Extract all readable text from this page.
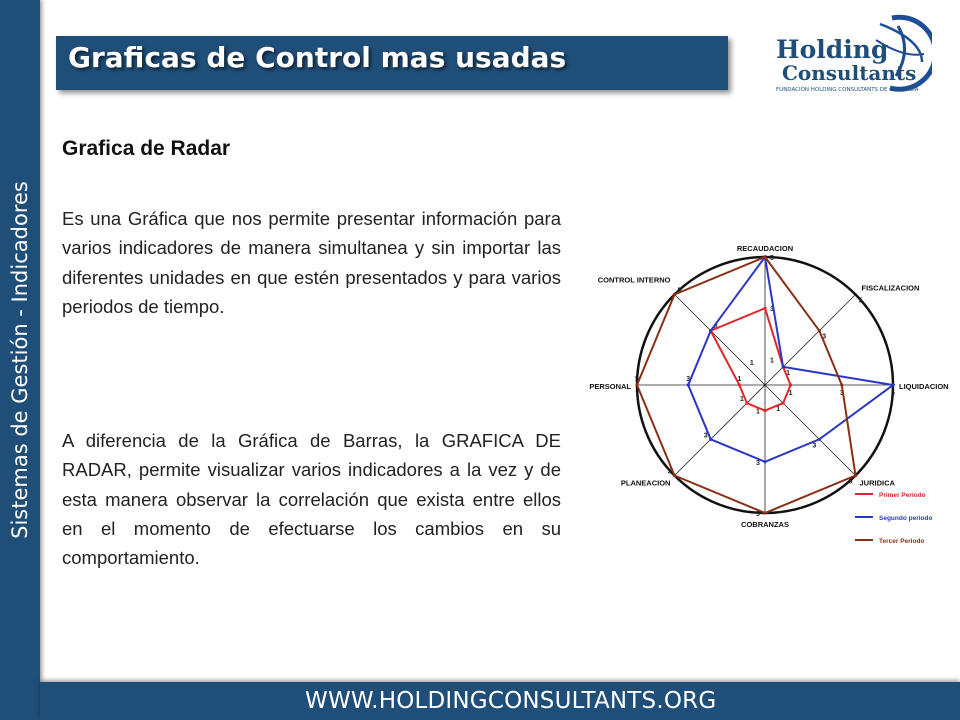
Sistemas de Gestión - Indicadores
Graficas de Control mas usadas	Holding
Consultants
FUNDACIÓN HOLDING CONSULTANTS DE COLOMBIA
Grafica de Radar
Es una Gráfica que nos permite presentar información para varios indicadores de manera simultanea y sin importar las diferentes unidades en que estén presentados y para varios periodos de tiempo.
A diferencia de la Gráfica de Barras, la GRAFICA DE RADAR, permite visualizar varios indicadores a la vez y de esta manera observar la correlación que exista entre ellos en el momento de efectuarse los cambios en su comportamiento.
1
3
5
1
3
5
1	3	5
1
3
5
1
3
5
1
3
5
1
3
5
1
3
5
RECAUDACION
FISCALIZACION
LIQUIDACION
JURIDICA
COBRANZAS
PLANEACION
PERSONAL
CONTROL INTERNO
Primer Periodo
Segundo periodo
Tercer Periodo
WWW.HOLDINGCONSULTANTS.ORG
